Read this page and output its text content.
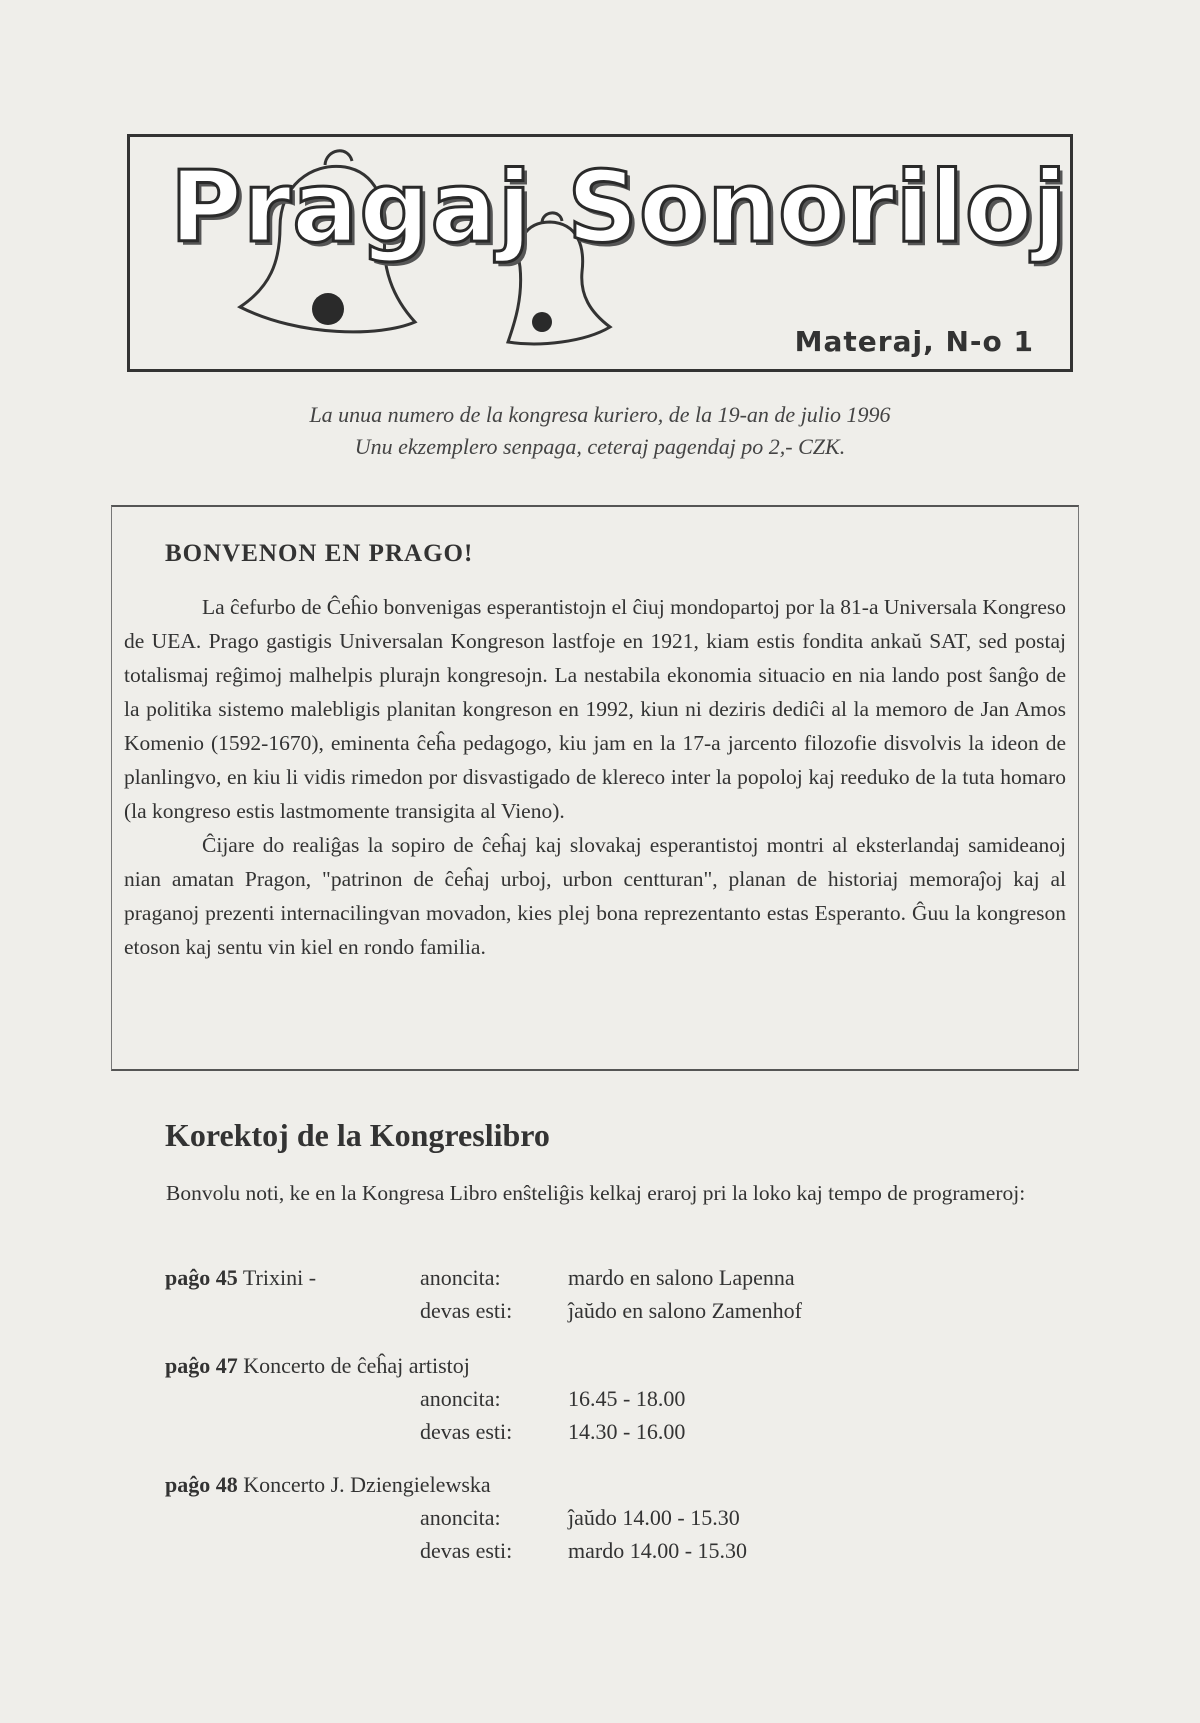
Pragaj Sonoriloj
Materaj, N-o 1
La unua numero de la kongresa kuriero, de la 19-an de julio 1996
Unu ekzemplero senpaga, ceteraj pagendaj po 2,- CZK.
BONVENON EN PRAGO!

La ĉefurbo de Ĉeĥio bonvenigas esperantistojn el ĉiuj mondopartoj por la 81-a Universala Kongreso de UEA. Prago gastigis Universalan Kongreson lastfoje en 1921, kiam estis fondita ankaŭ SAT, sed postaj totalismaj reĝimoj malhelpis plurajn kongresojn. La nestabila ekonomia situacio en nia lando post ŝanĝo de la politika sistemo malebligis planitan kongreson en 1992, kiun ni deziris dediĉi al la memoro de Jan Amos Komenio (1592-1670), eminenta ĉeĥa pedagogo, kiu jam en la 17-a jarcento filozofie disvolvis la ideon de planlingvo, en kiu li vidis rimedon por disvastigado de klereco inter la popoloj kaj reeduko de la tuta homaro (la kongreso estis lastmomente transigita al Vieno).

Ĉijare do realiĝas la sopiro de ĉeĥaj kaj slovakaj esperantistoj montri al eksterlandaj samideanoj nian amatan Pragon, "patrinon de ĉeĥaj urboj, urbon centturan", planan de historiaj memoraĵoj kaj al praganoj prezenti internacilingvan movadon, kies plej bona reprezentanto estas Esperanto. Ĝuu la kongreson etoson kaj sentu vin kiel en rondo familia.

Korektoj de la Kongreslibro

Bonvolu noti, ke en la Kongresa Libro enŝteliĝis kelkaj eraroj pri la loko kaj tempo de programeroj:

paĝo 45 Trixini -	anoncita:	mardo en salono Lapenna
devas esti:	ĵaŭdo en salono Zamenhof
paĝo 47 Koncerto de ĉeĥaj artistoj
anoncita:	16.45 - 18.00
devas esti:	14.30 - 16.00
paĝo 48 Koncerto J. Dziengielewska
anoncita:	ĵaŭdo 14.00 - 15.30
devas esti:	mardo 14.00 - 15.30
